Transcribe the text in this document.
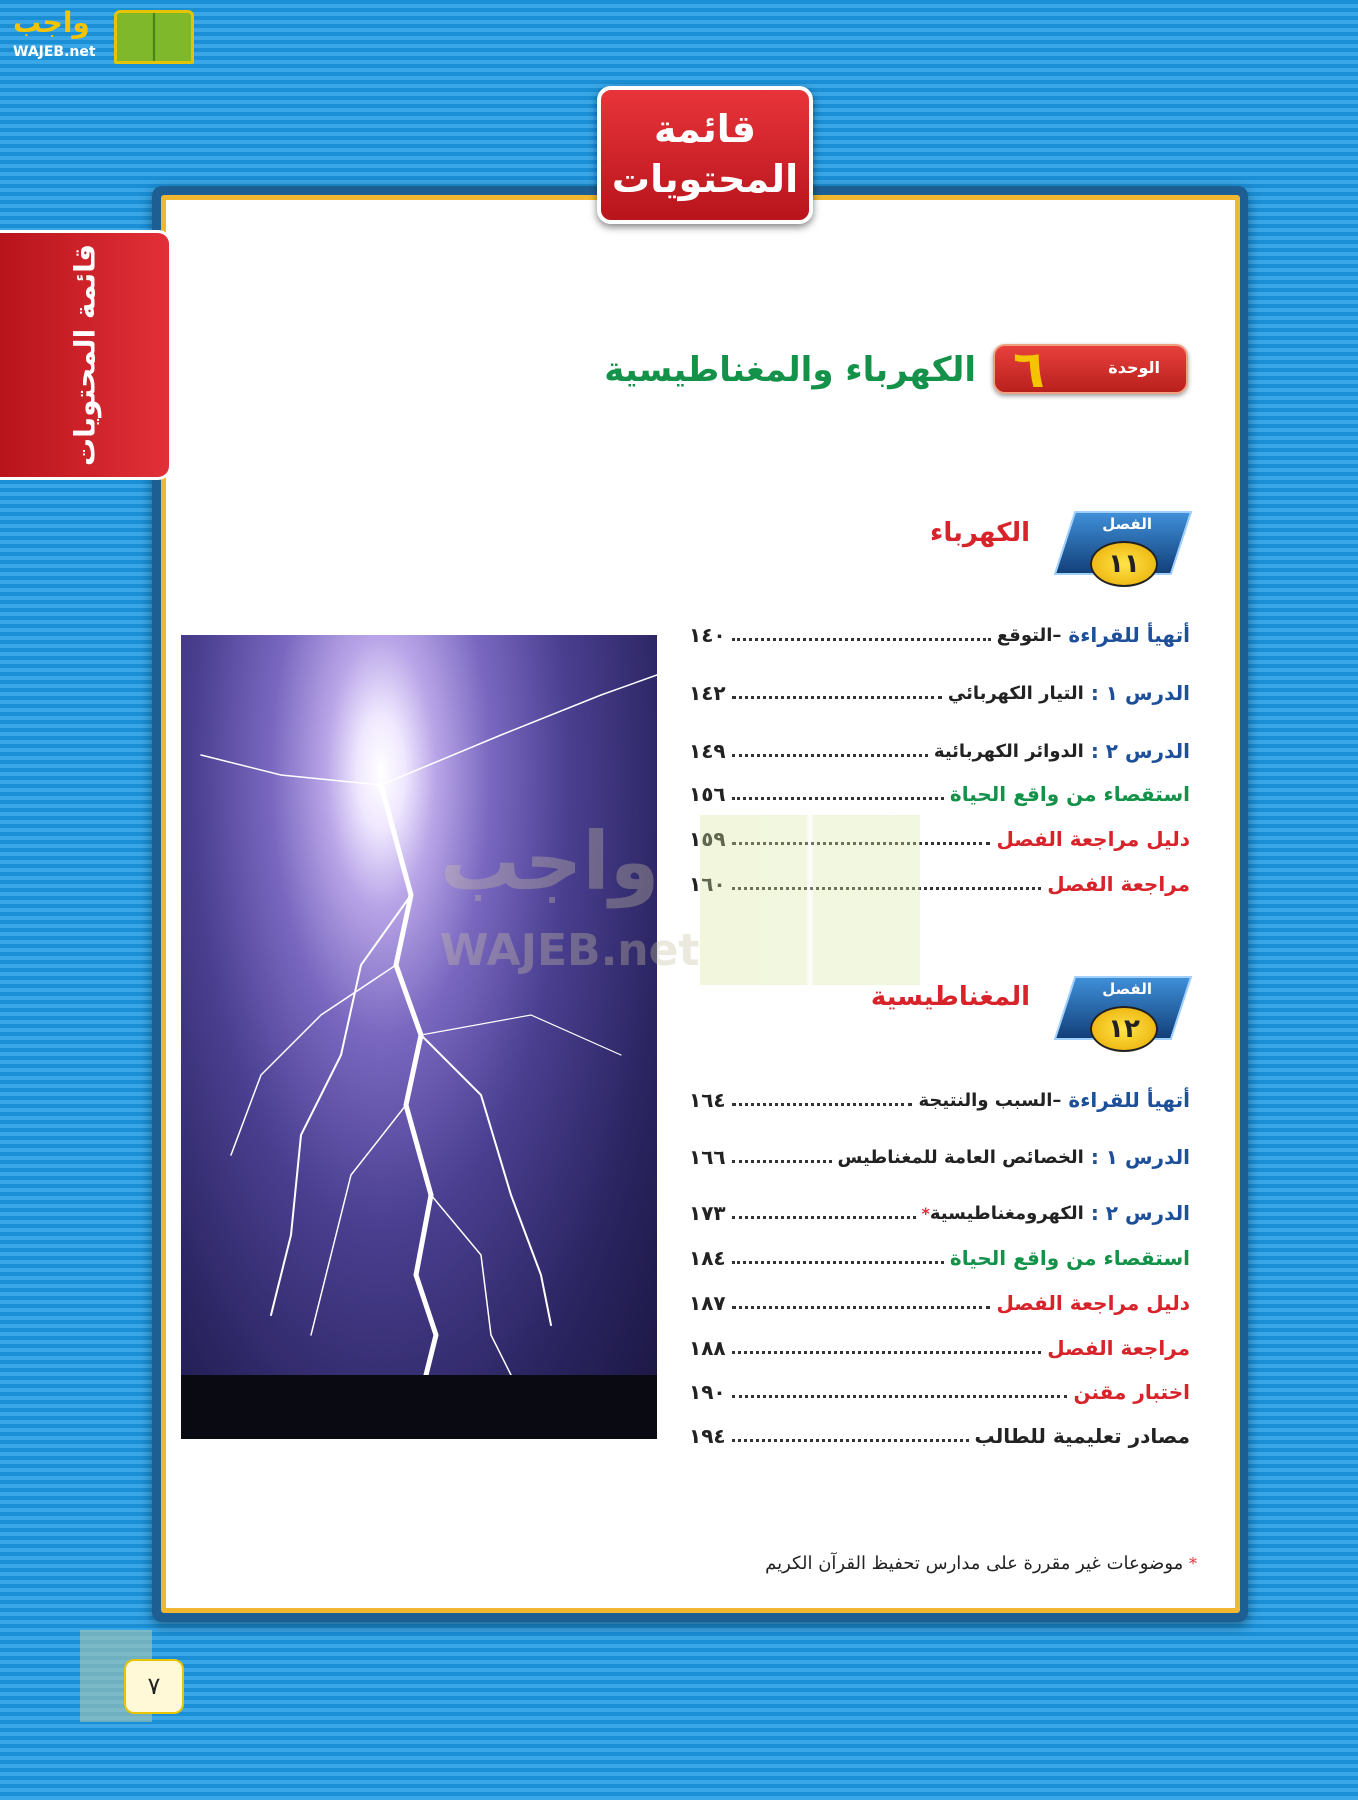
واجب
WAJEB.net
قائمة المحتويات
قائمة المحتويات	الوحدة
٦
الكهرباء والمغناطيسية
الفصل
١١
الكهرباء
الفصل
١٢
المغناطيسية
أتهيأ للقراءة

–التوقع
١٤٠
الدرس ١ :

التيار الكهربائي
١٤٢
الدرس ٢ :

الدوائر الكهربائية
١٤٩
استقصاء من واقع الحياة
١٥٦
دليل مراجعة الفصل
١٥٩
مراجعة الفصل
١٦٠
أتهيأ للقراءة

–السبب والنتيجة
١٦٤
الدرس ١ :

الخصائص العامة للمغناطيس
١٦٦
الدرس ٢ :

الكهرومغناطيسية
*
١٧٣
استقصاء من واقع الحياة
١٨٤
دليل مراجعة الفصل
١٨٧
مراجعة الفصل
١٨٨
اختبار مقنن
١٩٠
مصادر تعليمية للطالب
١٩٤
واجب
WAJEB.net
* موضوعات غير مقررة على مدارس تحفيظ القرآن الكريم
٧
